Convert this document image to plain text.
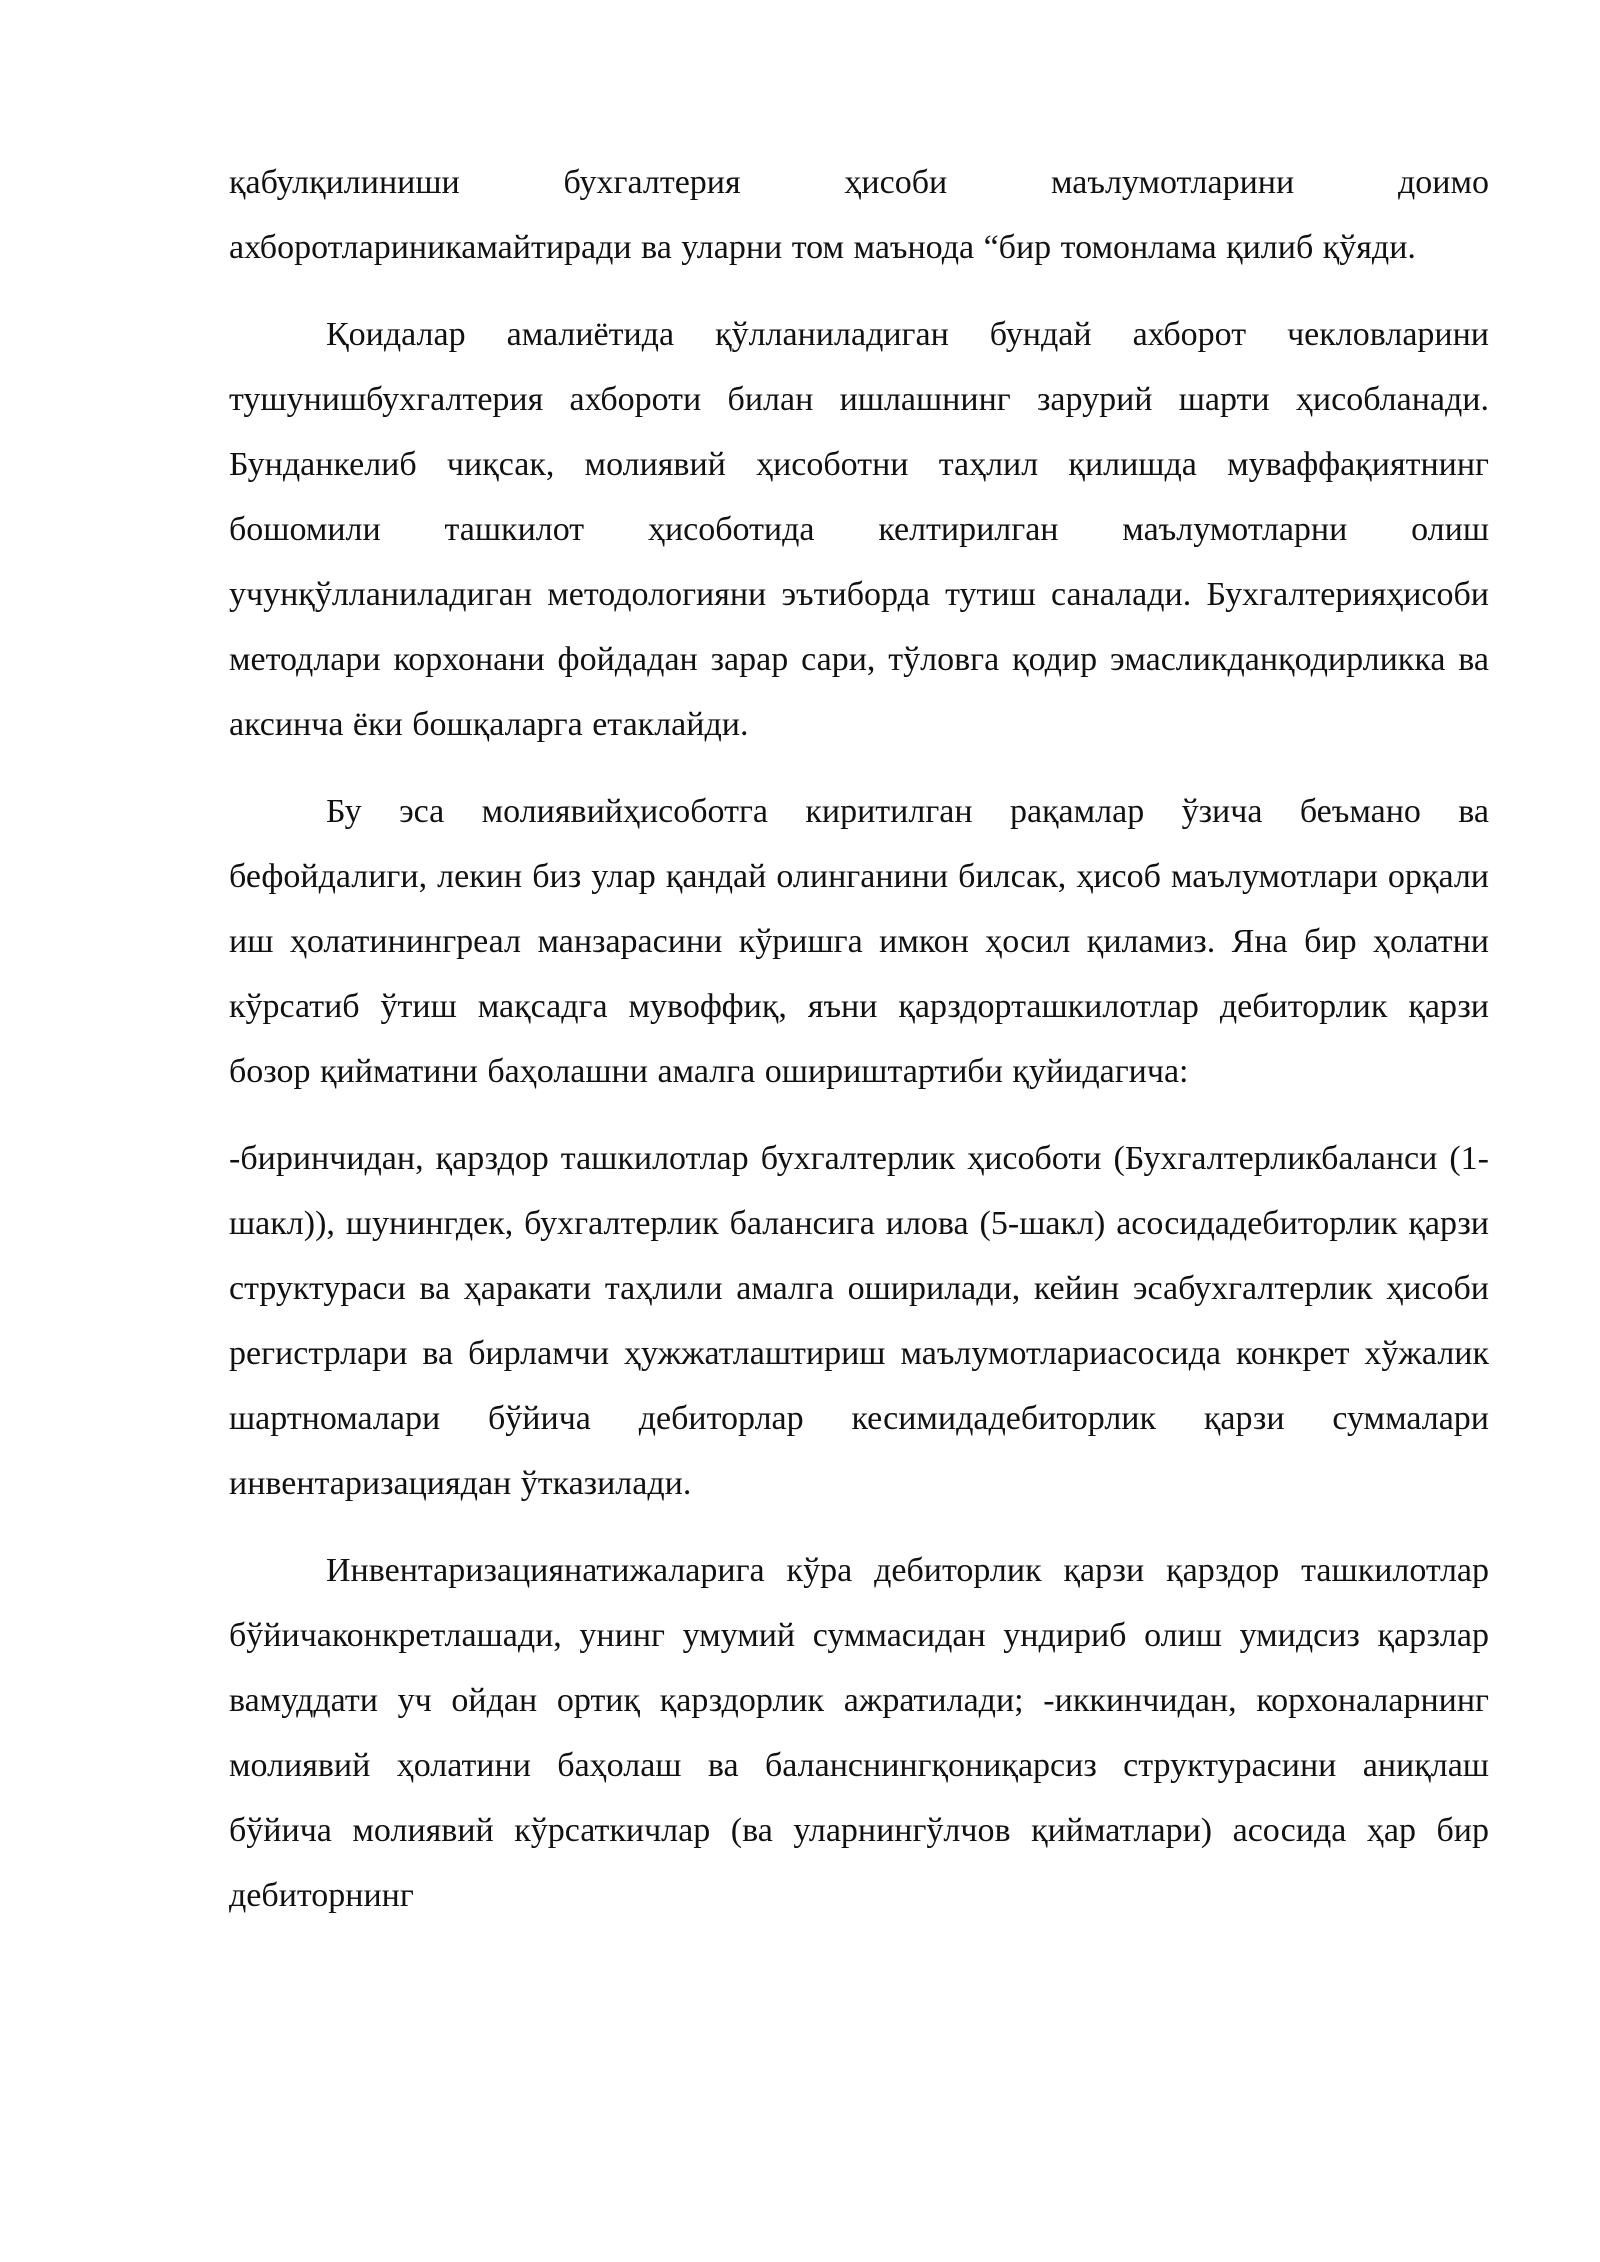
қабулқилиниши бухгалтерия ҳисоби маълумотларини доимо ахборотлариникамайтиради ва уларни том маънода “бир томонлама қилиб қўяди.

Қоидалар амалиётида қўлланиладиган бундай ахборот чекловларини тушунишбухгалтерия ахбороти билан ишлашнинг зарурий шарти ҳисобланади. Бунданкелиб чиқсак, молиявий ҳисоботни таҳлил қилишда муваффақиятнинг бошомили ташкилот ҳисоботида келтирилган маълумотларни олиш учунқўлланиладиган методологияни эътиборда тутиш саналади. Бухгалтерияҳисоби методлари корхонани фойдадан зарар сари, тўловга қодир эмасликданқодирликка ва аксинча ёки бошқаларга етаклайди.

Бу эса молиявийҳисоботга киритилган рақамлар ўзича беъмано ва бефойдалиги, лекин биз улар қандай олинганини билсак, ҳисоб маълумотлари орқали иш ҳолатинингреал манзарасини кўришга имкон ҳосил қиламиз. Яна бир ҳолатни кўрсатиб ўтиш мақсадга мувоффиқ, яъни қарздорташкилотлар дебиторлик қарзи бозор қийматини баҳолашни амалга ошириштартиби қуйидагича:

-биринчидан, қарздор ташкилотлар бухгалтерлик ҳисоботи (Бухгалтерликбаланси (1-шакл)), шунингдек, бухгалтерлик балансига илова (5-шакл) асосидадебиторлик қарзи структураси ва ҳаракати таҳлили амалга оширилади, кейин эсабухгалтерлик ҳисоби регистрлари ва бирламчи ҳужжатлаштириш маълумотлариасосида конкрет хўжалик шартномалари бўйича дебиторлар кесимидадебиторлик қарзи суммалари инвентаризациядан ўтказилади.

Инвентаризациянатижаларига кўра дебиторлик қарзи қарздор ташкилотлар бўйичаконкретлашади, унинг умумий суммасидан ундириб олиш умидсиз қарзлар вамуддати уч ойдан ортиқ қарздорлик ажратилади; -иккинчидан, корхоналарнинг молиявий ҳолатини баҳолаш ва баланснингқониқарсиз структурасини аниқлаш бўйича молиявий кўрсаткичлар (ва уларнингўлчов қийматлари) асосида ҳар бир дебиторнинг
